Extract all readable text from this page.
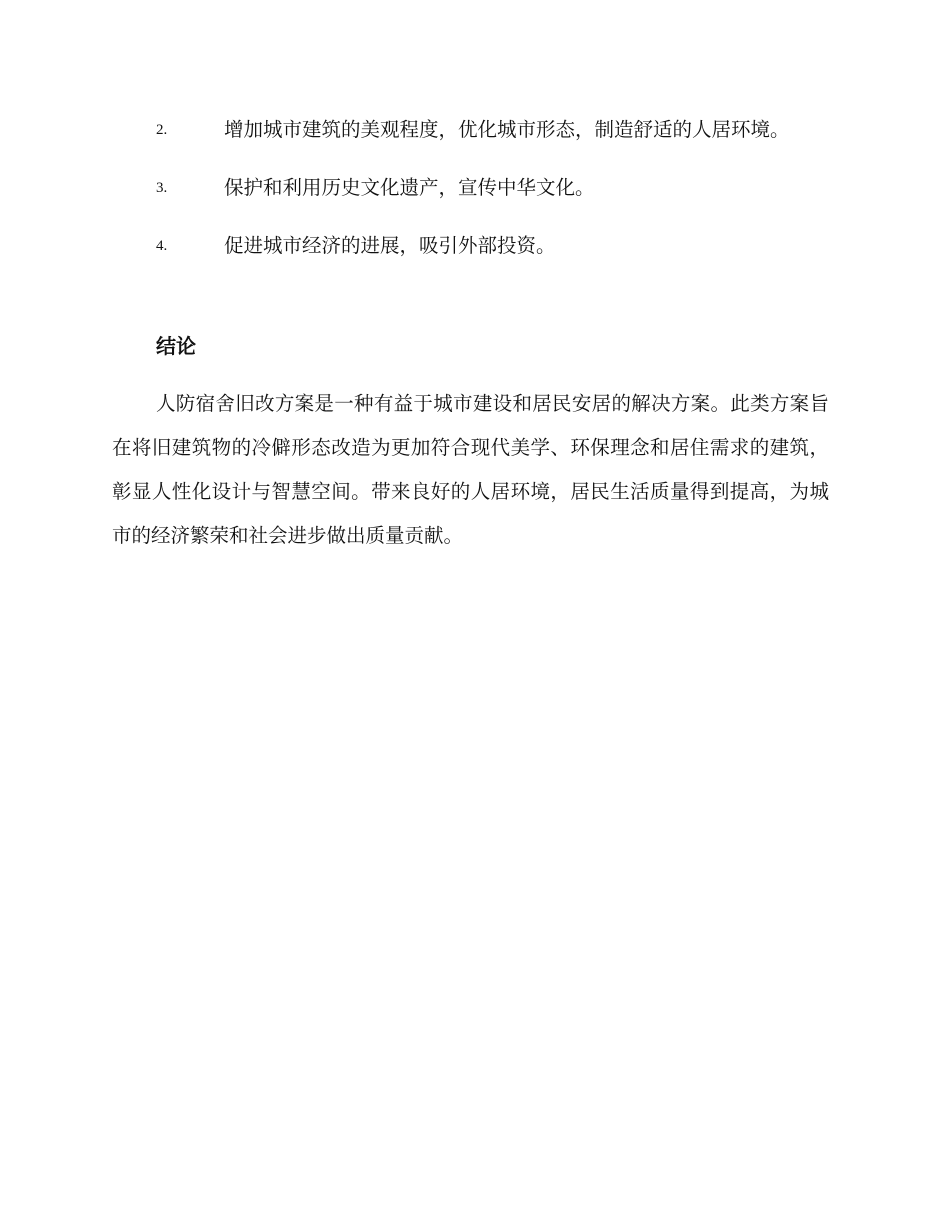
2.	增加城市建筑的美观程度，优化城市形态，制造舒适的人居环境。
3.	保护和利用历史文化遗产，宣传中华文化。
4.	促进城市经济的进展，吸引外部投资。
结论

人防宿舍旧改方案是一种有益于城市建设和居民安居的解决方案。此类方案旨在将旧建筑物的冷僻形态改造为更加符合现代美学、环保理念和居住需求的建筑，彰显人性化设计与智慧空间。带来良好的人居环境，居民生活质量得到提高，为城市的经济繁荣和社会进步做出质量贡献。
